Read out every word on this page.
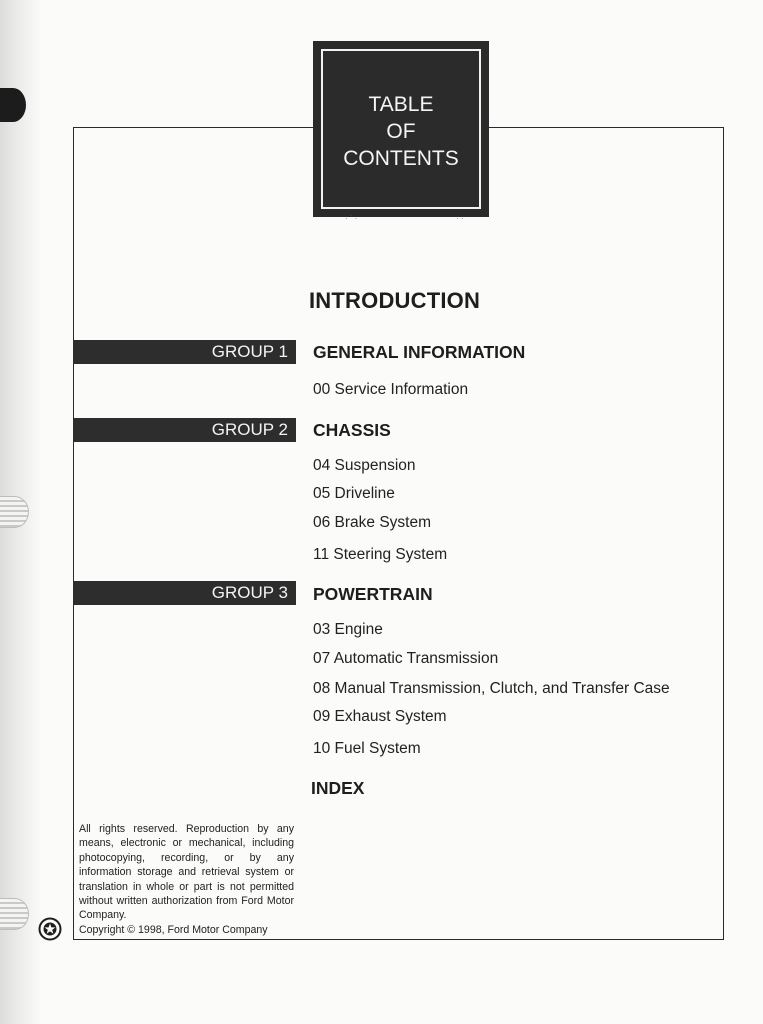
TABLE
OF
CONTENTS
· ˙ ·	· ·
INTRODUCTION
GROUP 1	GENERAL INFORMATION
00 Service Information
GROUP 2	CHASSIS
04 Suspension
05 Driveline
06 Brake System
11 Steering System
GROUP 3	POWERTRAIN
03 Engine
07 Automatic Transmission
08 Manual Transmission, Clutch, and Transfer Case
09 Exhaust System
10 Fuel System
INDEX
All rights reserved. Reproduction by any means, electronic or mechanical, including photocopying, recording, or by any information storage and retrieval system or translation in whole or part is not permitted without written authorization from Ford Motor Company.
Copyright © 1998, Ford Motor Company
